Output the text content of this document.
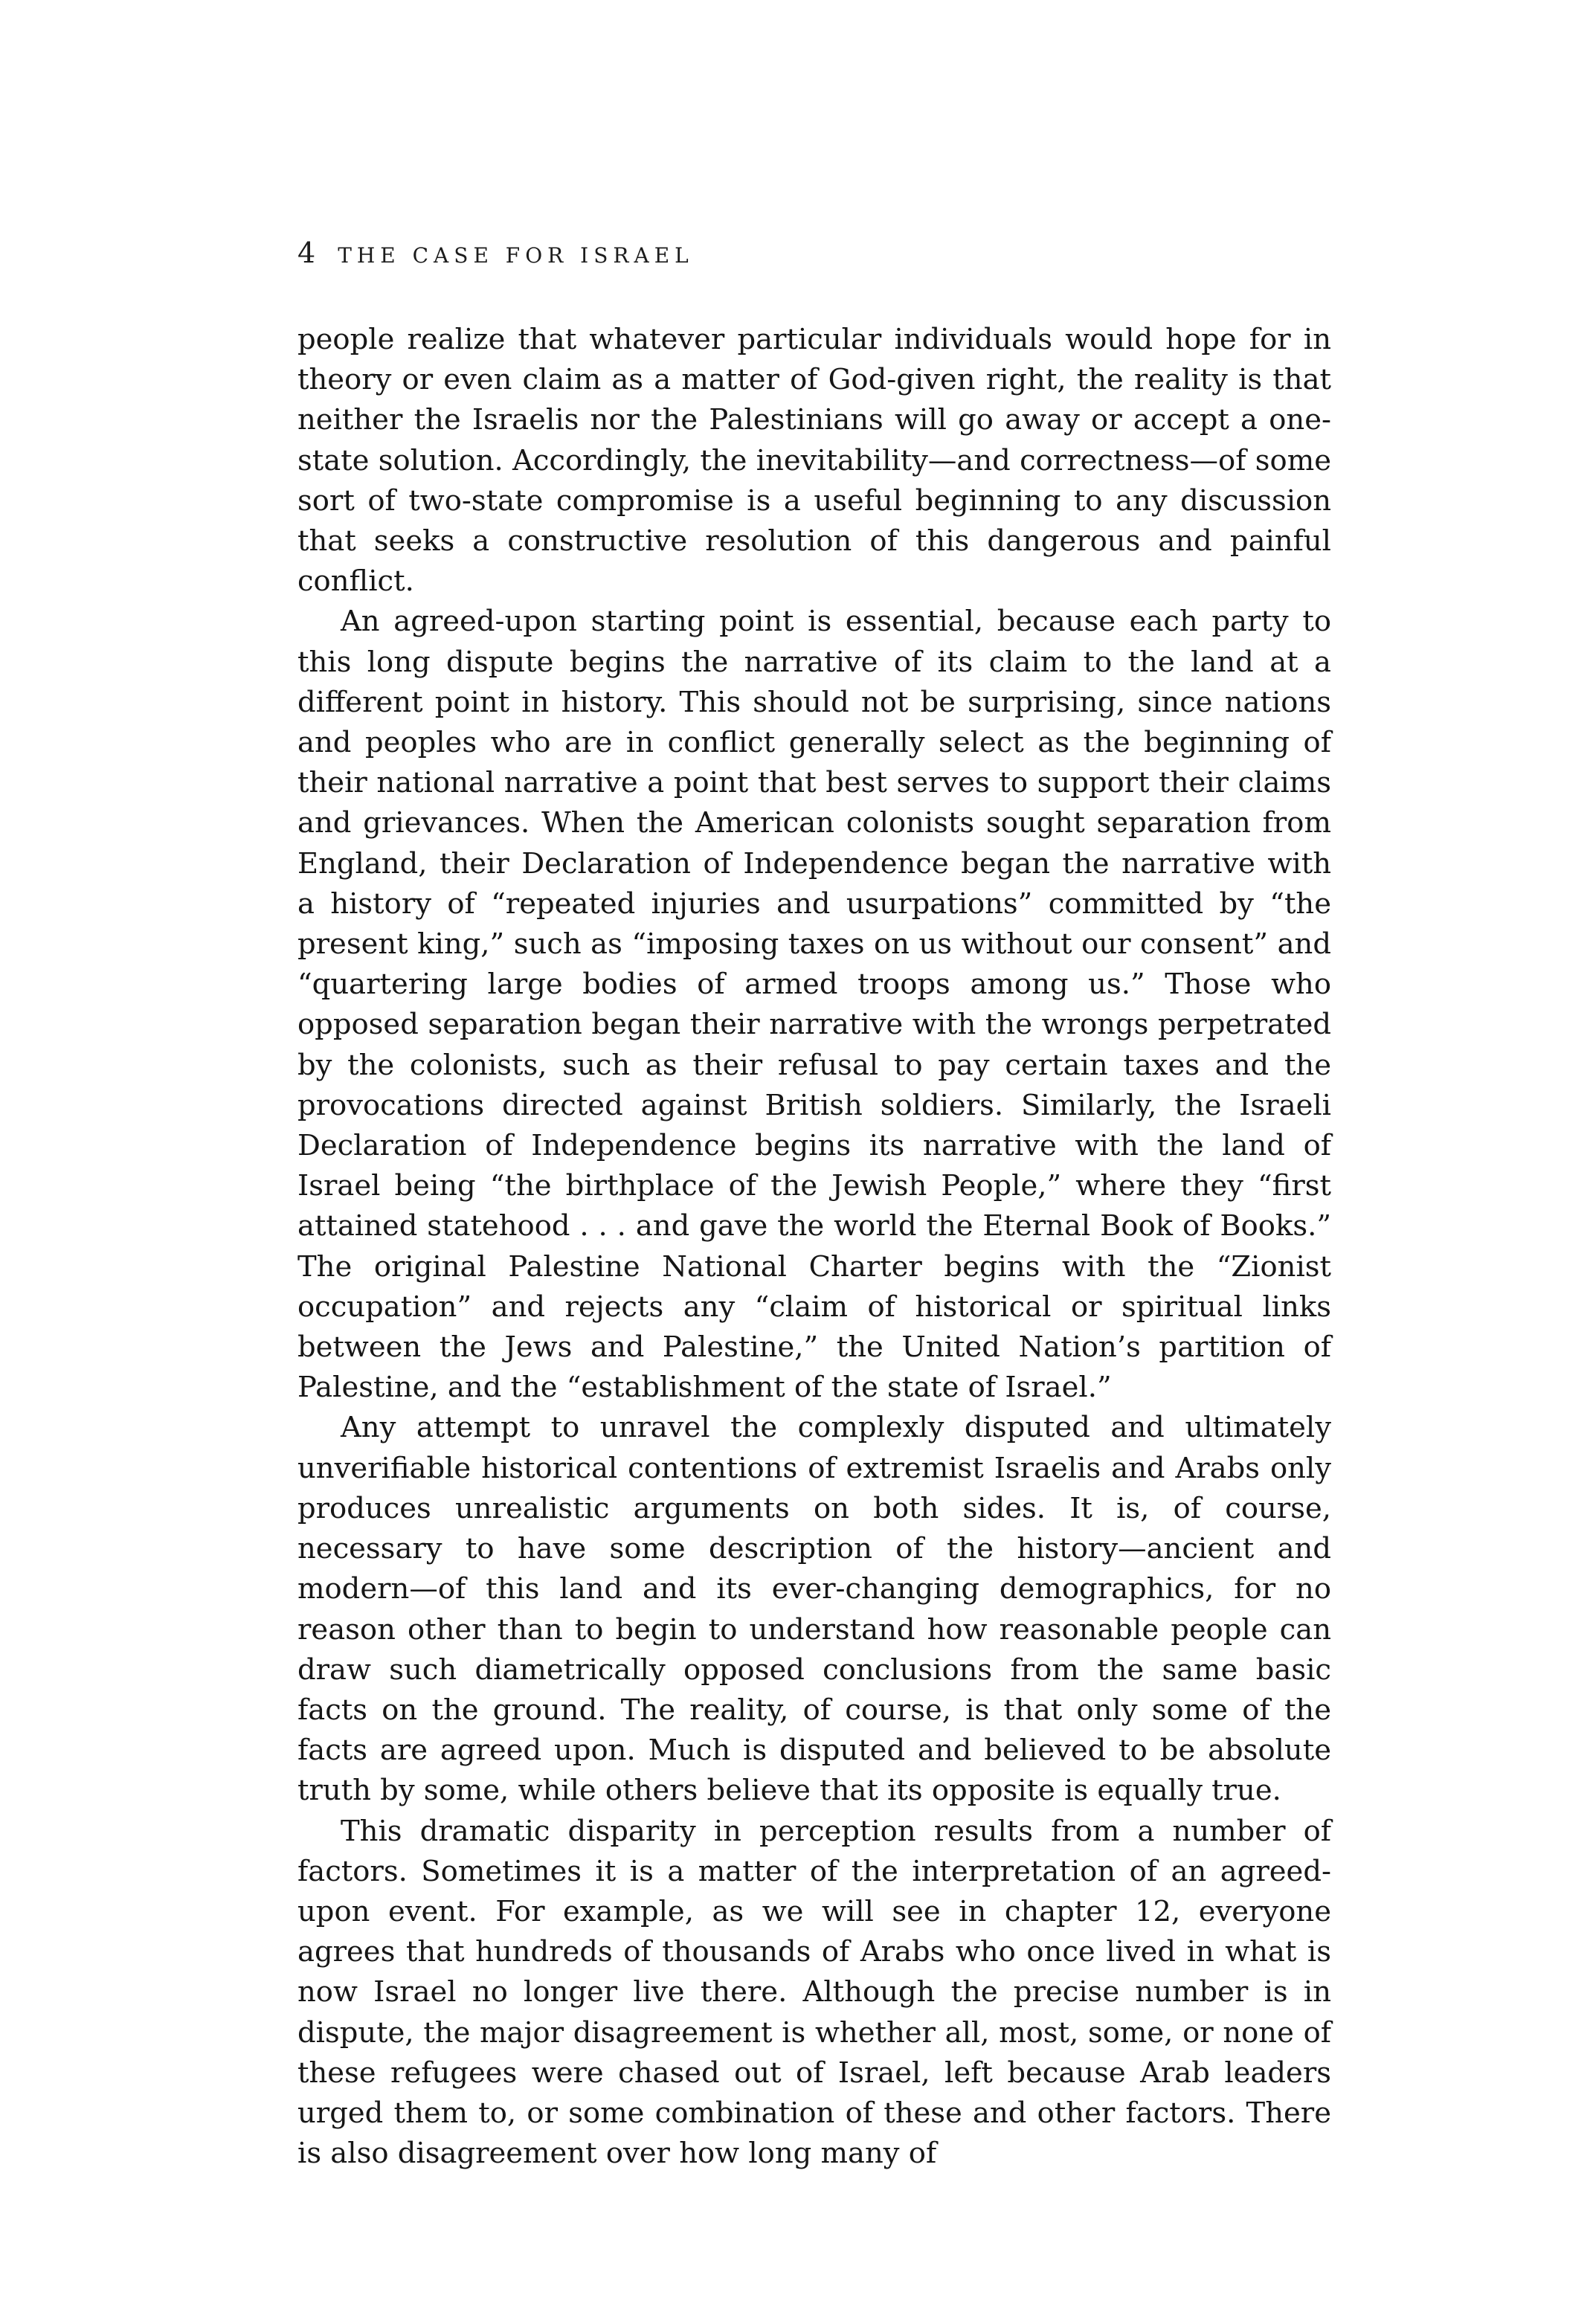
4 THE CASE FOR ISRAEL

people realize that whatever particular individuals would hope for in theory or even claim as a matter of God-given right, the reality is that neither the Israelis nor the Palestinians will go away or accept a one-state solution. Accordingly, the inevitability—and correctness—of some sort of two-state compromise is a useful beginning to any discussion that seeks a constructive resolution of this dangerous and painful conflict.

An agreed-upon starting point is essential, because each party to this long dispute begins the narrative of its claim to the land at a different point in history. This should not be surprising, since nations and peoples who are in conflict generally select as the beginning of their national narrative a point that best serves to support their claims and grievances. When the American colonists sought separation from England, their Declaration of Independence began the narrative with a history of “repeated injuries and usurpations” committed by “the present king,” such as “imposing taxes on us without our consent” and “quartering large bodies of armed troops among us.” Those who opposed separation began their narrative with the wrongs perpetrated by the colonists, such as their refusal to pay certain taxes and the provocations directed against British soldiers. Similarly, the Israeli Declaration of Independence begins its narrative with the land of Israel being “the birthplace of the Jewish People,” where they “first attained statehood . . . and gave the world the Eternal Book of Books.” The original Palestine National Charter begins with the “Zionist occupation” and rejects any “claim of historical or spiritual links between the Jews and Palestine,” the United Nation’s partition of Palestine, and the “establishment of the state of Israel.”

Any attempt to unravel the complexly disputed and ultimately unverifiable historical contentions of extremist Israelis and Arabs only produces unrealistic arguments on both sides. It is, of course, necessary to have some description of the history—ancient and modern—of this land and its ever-changing demographics, for no reason other than to begin to understand how reasonable people can draw such diametrically opposed conclusions from the same basic facts on the ground. The reality, of course, is that only some of the facts are agreed upon. Much is disputed and believed to be absolute truth by some, while others believe that its opposite is equally true.

This dramatic disparity in perception results from a number of factors. Sometimes it is a matter of the interpretation of an agreed-upon event. For example, as we will see in chapter 12, everyone agrees that hundreds of thousands of Arabs who once lived in what is now Israel no longer live there. Although the precise number is in dispute, the major disagreement is whether all, most, some, or none of these refugees were chased out of Israel, left because Arab leaders urged them to, or some combination of these and other factors. There is also disagreement over how long many of
